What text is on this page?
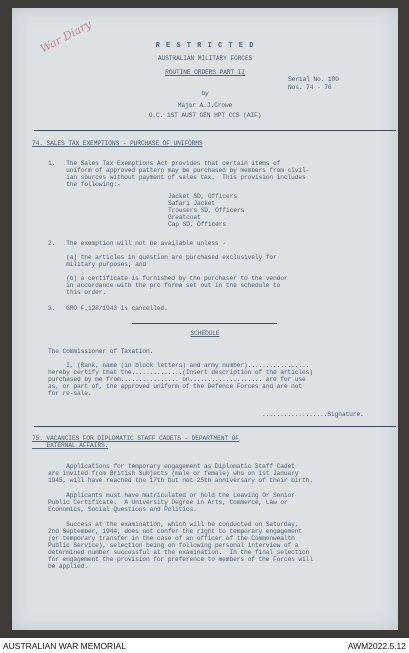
War Diary	R E S T R I C T E D
AUSTRALIAN MILITARY FORCES
ROUTINE ORDERS PART II
Serial No. 100
Nos. 74 - 76
by
Major A.J.Crowe
O.C. 1ST AUST GEN HPT CCS (AIF)
74. SALES TAX EXEMPTIONS - PURCHASE OF UNIFORMS
1.   The Sales Tax Exemptions Act provides that certain items of
uniform of approved pattern may be purchased by members from civil-
ian sources without payment of sales tax.  This provision includes
the following:-
Jacket SD, Officers
Safari Jacket
Trousers SD, Officers
Greatcoat
Cap SD, Officers
2.   The exemption will not be available unless -
(a) the articles in question are purchased exclusively for
military purposes; and
(b) a certificate is furnished by the purchaser to the vendor
in accordance with the pro forma set out in the schedule to
this order.
3.   GRO F.128/1943 is cancelled.
SCHEDULE
The Commissioner of Taxation.
I, (Rank, name (in block letters) and army number).................
hereby certify that the..............(Insert description of the articles)
purchased by me from................ on.................... are for use
as, or part of, the approved uniform of the Defence Forces and are not
for re-sale.
..................Signature.
75. VACANCIES FOR DIPLOMATIC STAFF CADETS - DEPARTMENT OF
EXTERNAL AFFAIRS.
Applications for temporary engagement as Diplomatic Staff Cadet
are invited from British Subjects (male or female) who on 1st January
1945, will have reached the 17th but not 25th anniversary of their birth.
Applicants must have matriculated or hold the Leaving Or Senior
Public Certificate.  A University Degree in Arts, Commerce, Law or
Economics, Social Questions and Politics.
Success at the examination, which will be conducted on Saturday,
2nd September, 1944, does not confer the right to temporary engagement
(or temporary transfer in the case of an officer of the Commonwealth
Public Service), selection being on following personal interview of a
determined number successful at the examination.  In the final selection
for engagement the provision for preference to members of the Forces will
be applied.
AUSTRALIAN WAR MEMORIAL	AWM2022.5.12
